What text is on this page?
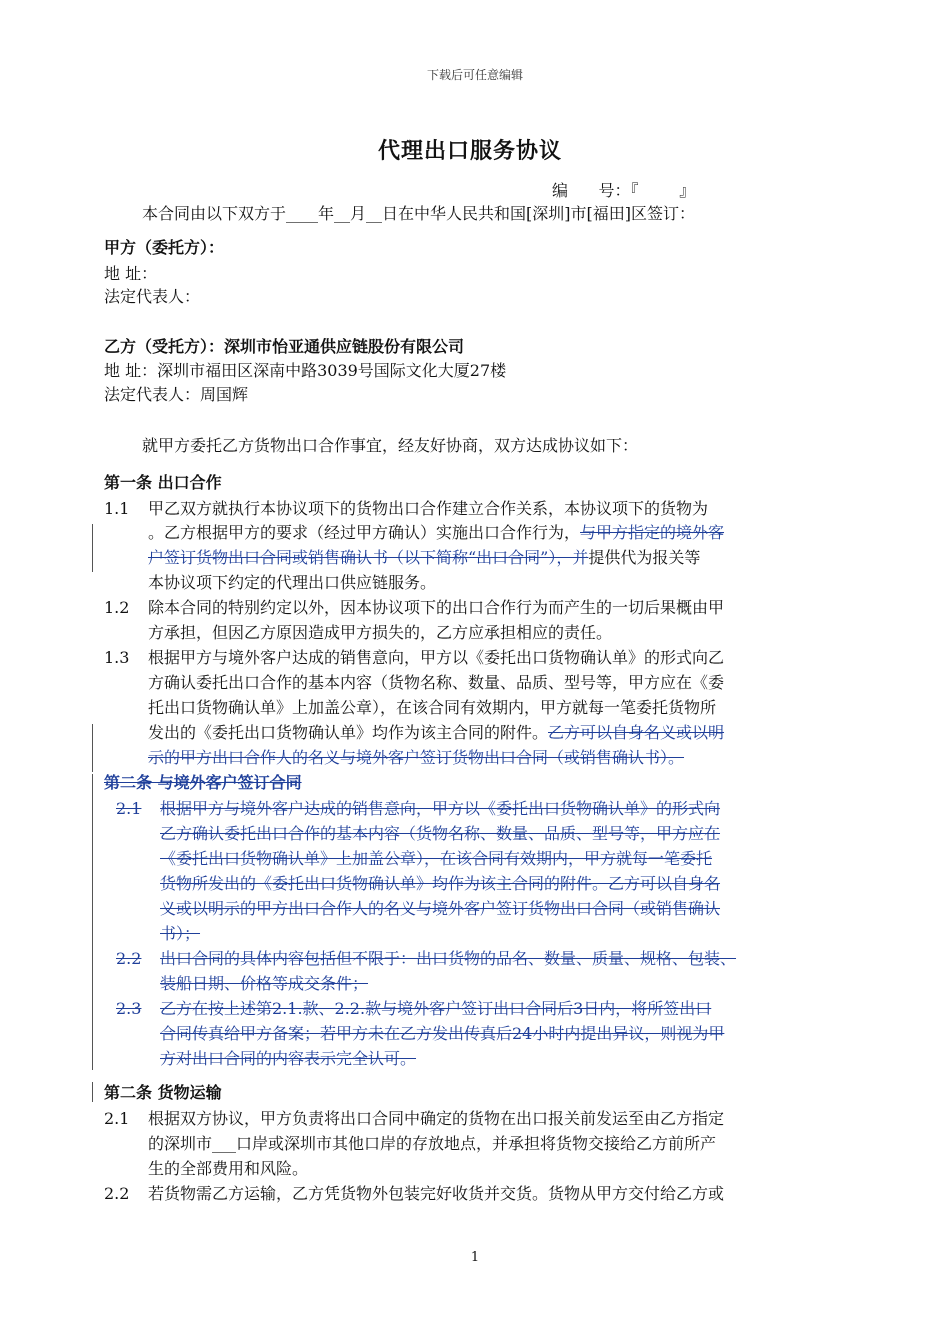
下载后可任意编辑
代理出口服务协议
编      号：『        』
本合同由以下双方于____年__月__日在中华人民共和国[深圳]市[福田]区签订：
甲方（委托方）：
地 址：
法定代表人：
乙方（受托方）：深圳市怡亚通供应链股份有限公司
地 址：深圳市福田区深南中路3039号国际文化大厦27楼
法定代表人：周国辉
就甲方委托乙方货物出口合作事宜，经友好协商，双方达成协议如下：
第一条 出口合作
1.1 甲乙双方就执行本协议项下的货物出口合作建立合作关系，本协议项下的货物为
。乙方根据甲方的要求（经过甲方确认）实施出口合作行为，与甲方指定的境外客
户签订货物出口合同或销售确认书（以下简称“出口合同”），并提供代为报关等
本协议项下约定的代理出口供应链服务。
1.2 除本合同的特别约定以外，因本协议项下的出口合作行为而产生的一切后果概由甲
方承担，但因乙方原因造成甲方损失的，乙方应承担相应的责任。
1.3 根据甲方与境外客户达成的销售意向，甲方以《委托出口货物确认单》的形式向乙
方确认委托出口合作的基本内容（货物名称、数量、品质、型号等，甲方应在《委
托出口货物确认单》上加盖公章），在该合同有效期内，甲方就每一笔委托货物所
发出的《委托出口货物确认单》均作为该主合同的附件。乙方可以自身名义或以明
示的甲方出口合作人的名义与境外客户签订货物出口合同（或销售确认书）。
第二条 与境外客户签订合同
2.1 根据甲方与境外客户达成的销售意向，甲方以《委托出口货物确认单》的形式向
乙方确认委托出口合作的基本内容（货物名称、数量、品质、型号等，甲方应在
《委托出口货物确认单》上加盖公章），在该合同有效期内，甲方就每一笔委托
货物所发出的《委托出口货物确认单》均作为该主合同的附件。乙方可以自身名
义或以明示的甲方出口合作人的名义与境外客户签订货物出口合同（或销售确认
书）；
2.2 出口合同的具体内容包括但不限于：出口货物的品名、数量、质量、规格、包装、
装船日期、价格等成交条件；
2.3 乙方在按上述第2.1.款、2.2.款与境外客户签订出口合同后3日内，将所签出口
合同传真给甲方备案；若甲方未在乙方发出传真后24小时内提出异议，则视为甲
方对出口合同的内容表示完全认可。
第二条 货物运输
2.1 根据双方协议，甲方负责将出口合同中确定的货物在出口报关前发运至由乙方指定
的深圳市___口岸或深圳市其他口岸的存放地点，并承担将货物交接给乙方前所产
生的全部费用和风险。
2.2 若货物需乙方运输，乙方凭货物外包装完好收货并交货。货物从甲方交付给乙方或
1
